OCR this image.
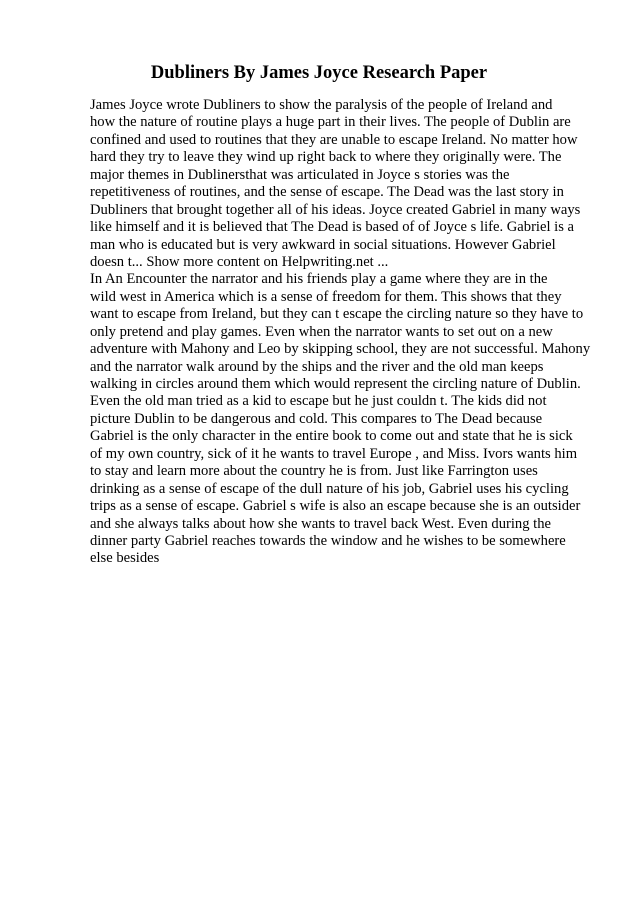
Dubliners By James Joyce Research Paper
James Joyce wrote Dubliners to show the paralysis of the people of Ireland and
how the nature of routine plays a huge part in their lives. The people of Dublin are
confined and used to routines that they are unable to escape Ireland. No matter how
hard they try to leave they wind up right back to where they originally were. The
major themes in Dublinersthat was articulated in Joyce s stories was the
repetitiveness of routines, and the sense of escape. The Dead was the last story in
Dubliners that brought together all of his ideas. Joyce created Gabriel in many ways
like himself and it is believed that The Dead is based of of Joyce s life. Gabriel is a
man who is educated but is very awkward in social situations. However Gabriel
doesn t... Show more content on Helpwriting.net ...
In An Encounter the narrator and his friends play a game where they are in the
wild west in America which is a sense of freedom for them. This shows that they
want to escape from Ireland, but they can t escape the circling nature so they have to
only pretend and play games. Even when the narrator wants to set out on a new
adventure with Mahony and Leo by skipping school, they are not successful. Mahony
and the narrator walk around by the ships and the river and the old man keeps
walking in circles around them which would represent the circling nature of Dublin.
Even the old man tried as a kid to escape but he just couldn t. The kids did not
picture Dublin to be dangerous and cold. This compares to The Dead because
Gabriel is the only character in the entire book to come out and state that he is sick
of my own country, sick of it he wants to travel Europe , and Miss. Ivors wants him
to stay and learn more about the country he is from. Just like Farrington uses
drinking as a sense of escape of the dull nature of his job, Gabriel uses his cycling
trips as a sense of escape. Gabriel s wife is also an escape because she is an outsider
and she always talks about how she wants to travel back West. Even during the
dinner party Gabriel reaches towards the window and he wishes to be somewhere
else besides
